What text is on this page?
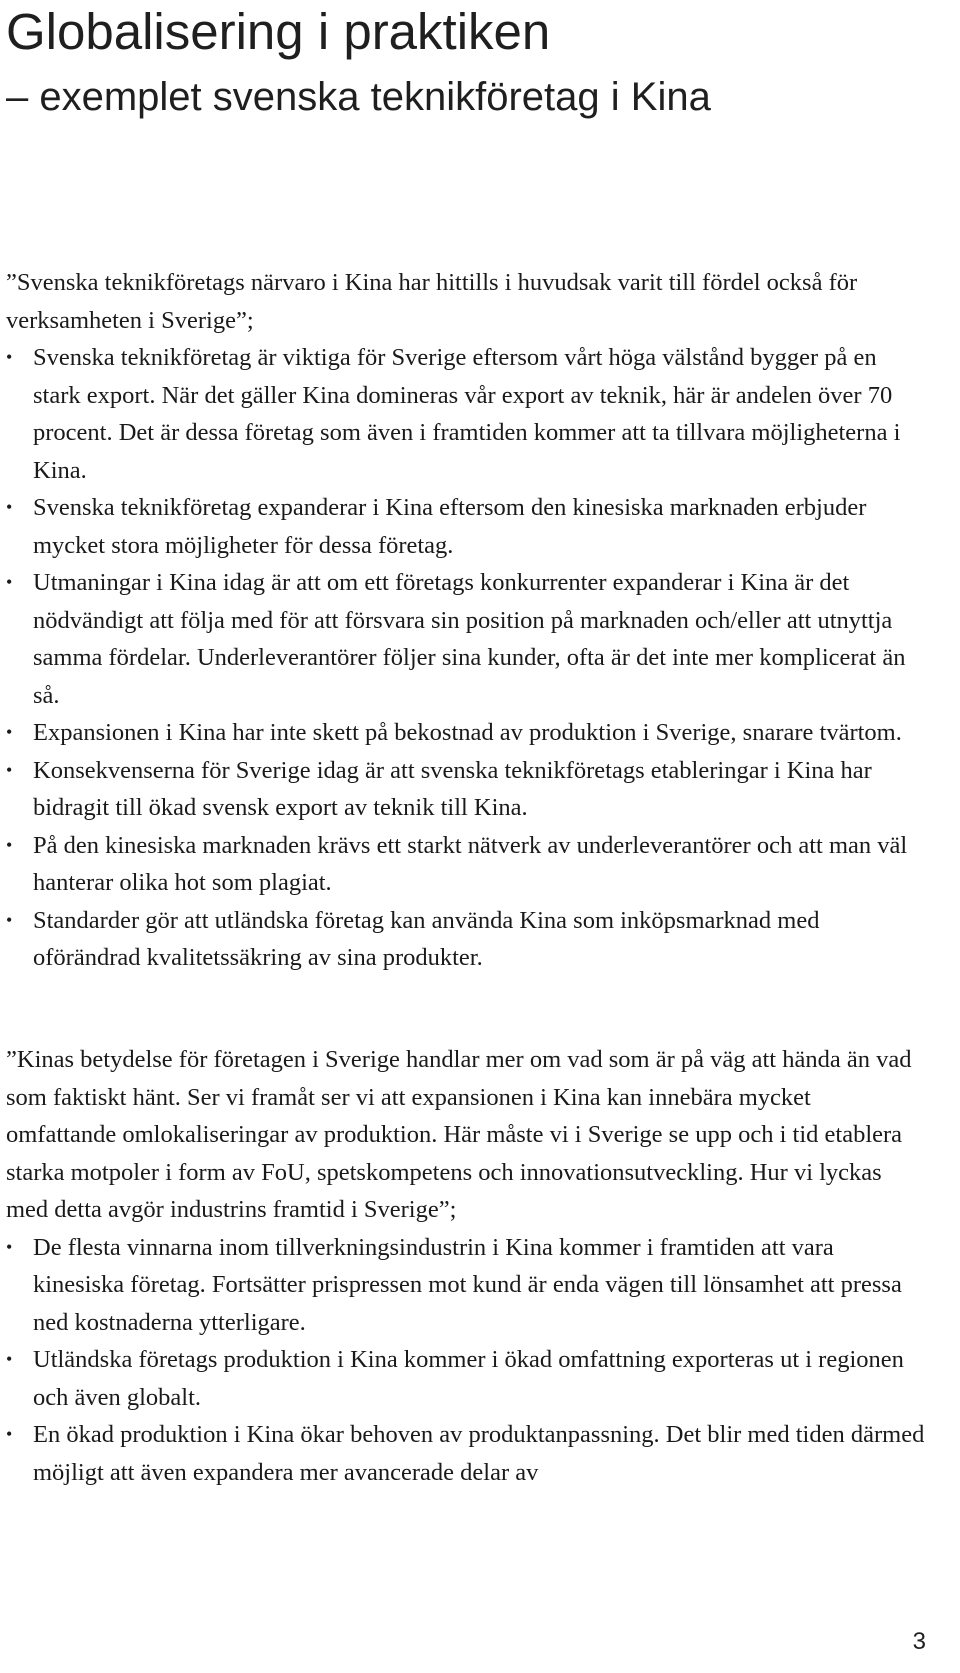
Globalisering i praktiken
– exemplet svenska teknikföretag i Kina

”Svenska teknikföretags närvaro i Kina har hittills i huvudsak varit till fördel också för verksamheten i Sverige”;

• Svenska teknikföretag är viktiga för Sverige eftersom vårt höga välstånd bygger på en stark export. När det gäller Kina domineras vår export av teknik, här är andelen över 70 procent. Det är dessa företag som även i framtiden kommer att ta tillvara möjligheterna i Kina.
• Svenska teknikföretag expanderar i Kina eftersom den kinesiska marknaden erbjuder mycket stora möjligheter för dessa företag.
• Utmaningar i Kina idag är att om ett företags konkurrenter expanderar i Kina är det nödvändigt att följa med för att försvara sin position på marknaden och/eller att utnyttja samma fördelar. Underleverantörer följer sina kunder, ofta är det inte mer komplicerat än så.
• Expansionen i Kina har inte skett på bekostnad av produktion i Sverige, snarare tvärtom.
• Konsekvenserna för Sverige idag är att svenska teknikföretags etableringar i Kina har bidragit till ökad svensk export av teknik till Kina.
• På den kinesiska marknaden krävs ett starkt nätverk av underleverantörer och att man väl hanterar olika hot som plagiat.
• Standarder gör att utländska företag kan använda Kina som inköpsmarknad med oförändrad kvalitetssäkring av sina produkter.

”Kinas betydelse för företagen i Sverige handlar mer om vad som är på väg att hända än vad som faktiskt hänt. Ser vi framåt ser vi att expansionen i Kina kan innebära mycket omfattande omlokaliseringar av produktion. Här måste vi i Sverige se upp och i tid etablera starka motpoler i form av FoU, spetskompetens och innovationsutveckling. Hur vi lyckas med detta avgör industrins framtid i Sverige”;

• De flesta vinnarna inom tillverkningsindustrin i Kina kommer i framtiden att vara kinesiska företag. Fortsätter prispressen mot kund är enda vägen till lönsamhet att pressa ned kostnaderna ytterligare.
• Utländska företags produktion i Kina kommer i ökad omfattning exporteras ut i regionen och även globalt.
• En ökad produktion i Kina ökar behoven av produktanpassning. Det blir med tiden därmed möjligt att även expandera mer avancerade delar av
3
